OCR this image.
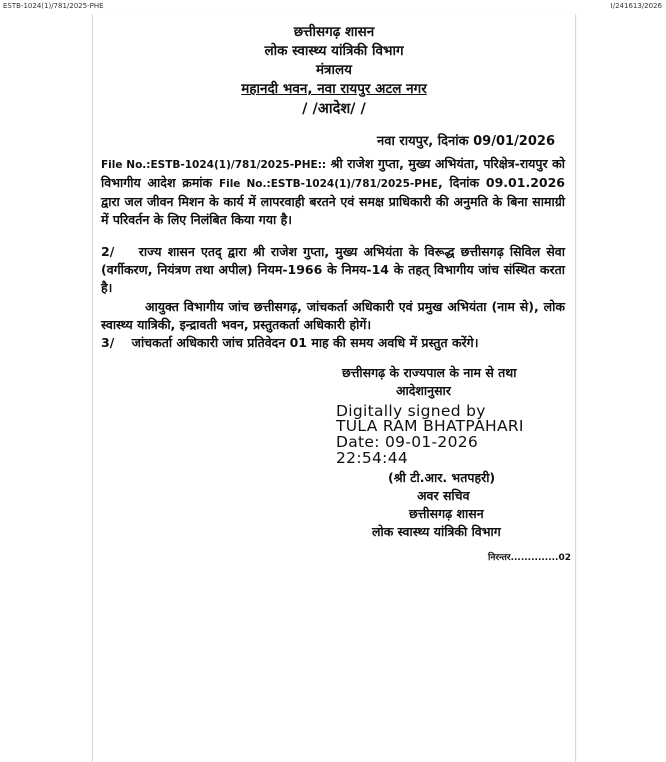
ESTB-1024(1)/781/2025-PHE	I/241613/2026
छत्तीसगढ़ शासन
लोक स्वास्थ्य यांत्रिकी विभाग
मंत्रालय
महानदी भवन, नवा रायपुर अटल नगर
/ /आदेश/ /
नवा रायपुर, दिनांक 09/01/2026
File No.:ESTB-1024(1)/781/2025-PHE:: श्री राजेश गुप्ता, मुख्य अभियंता, परिक्षेत्र-रायपुर को विभागीय आदेश क्रमांक File No.:ESTB-1024(1)/781/2025-PHE, दिनांक 09.01.2026 द्वारा जल जीवन मिशन के कार्य में लापरवाही बरतने एवं समक्ष प्राधिकारी की अनुमति के बिना सामाग्री में परिवर्तन के लिए निलंबित किया गया है।
2/    राज्य शासन एतद् द्वारा श्री राजेश गुप्ता, मुख्य अभियंता के विरूद्ध छत्तीसगढ़ सिविल सेवा (वर्गीकरण, नियंत्रण तथा अपील) नियम-1966 के निमय-14 के तहत् विभागीय जांच संस्थित करता है।
आयुक्त विभागीय जांच छत्तीसगढ़, जांचकर्ता अधिकारी एवं प्रमुख अभियंता (नाम से), लोक स्वास्थ्य यात्रिकी, इन्द्रावती भवन, प्रस्तुतकर्ता अधिकारी होगें।
3/    जांचकर्ता अधिकारी जांच प्रतिवेदन 01 माह की समय अवधि में प्रस्तुत करेंगे।
छत्तीसगढ़ के राज्यपाल के नाम से तथा
आदेशानुसार
Digitally signed by
TULA RAM BHATPAHARI
Date: 09-01-2026
22:54:44
(श्री टी.आर. भतपहरी)
अवर सचिव
छत्तीसगढ़ शासन
लोक स्वास्थ्य यांत्रिकी विभाग
निरन्तर..............02
